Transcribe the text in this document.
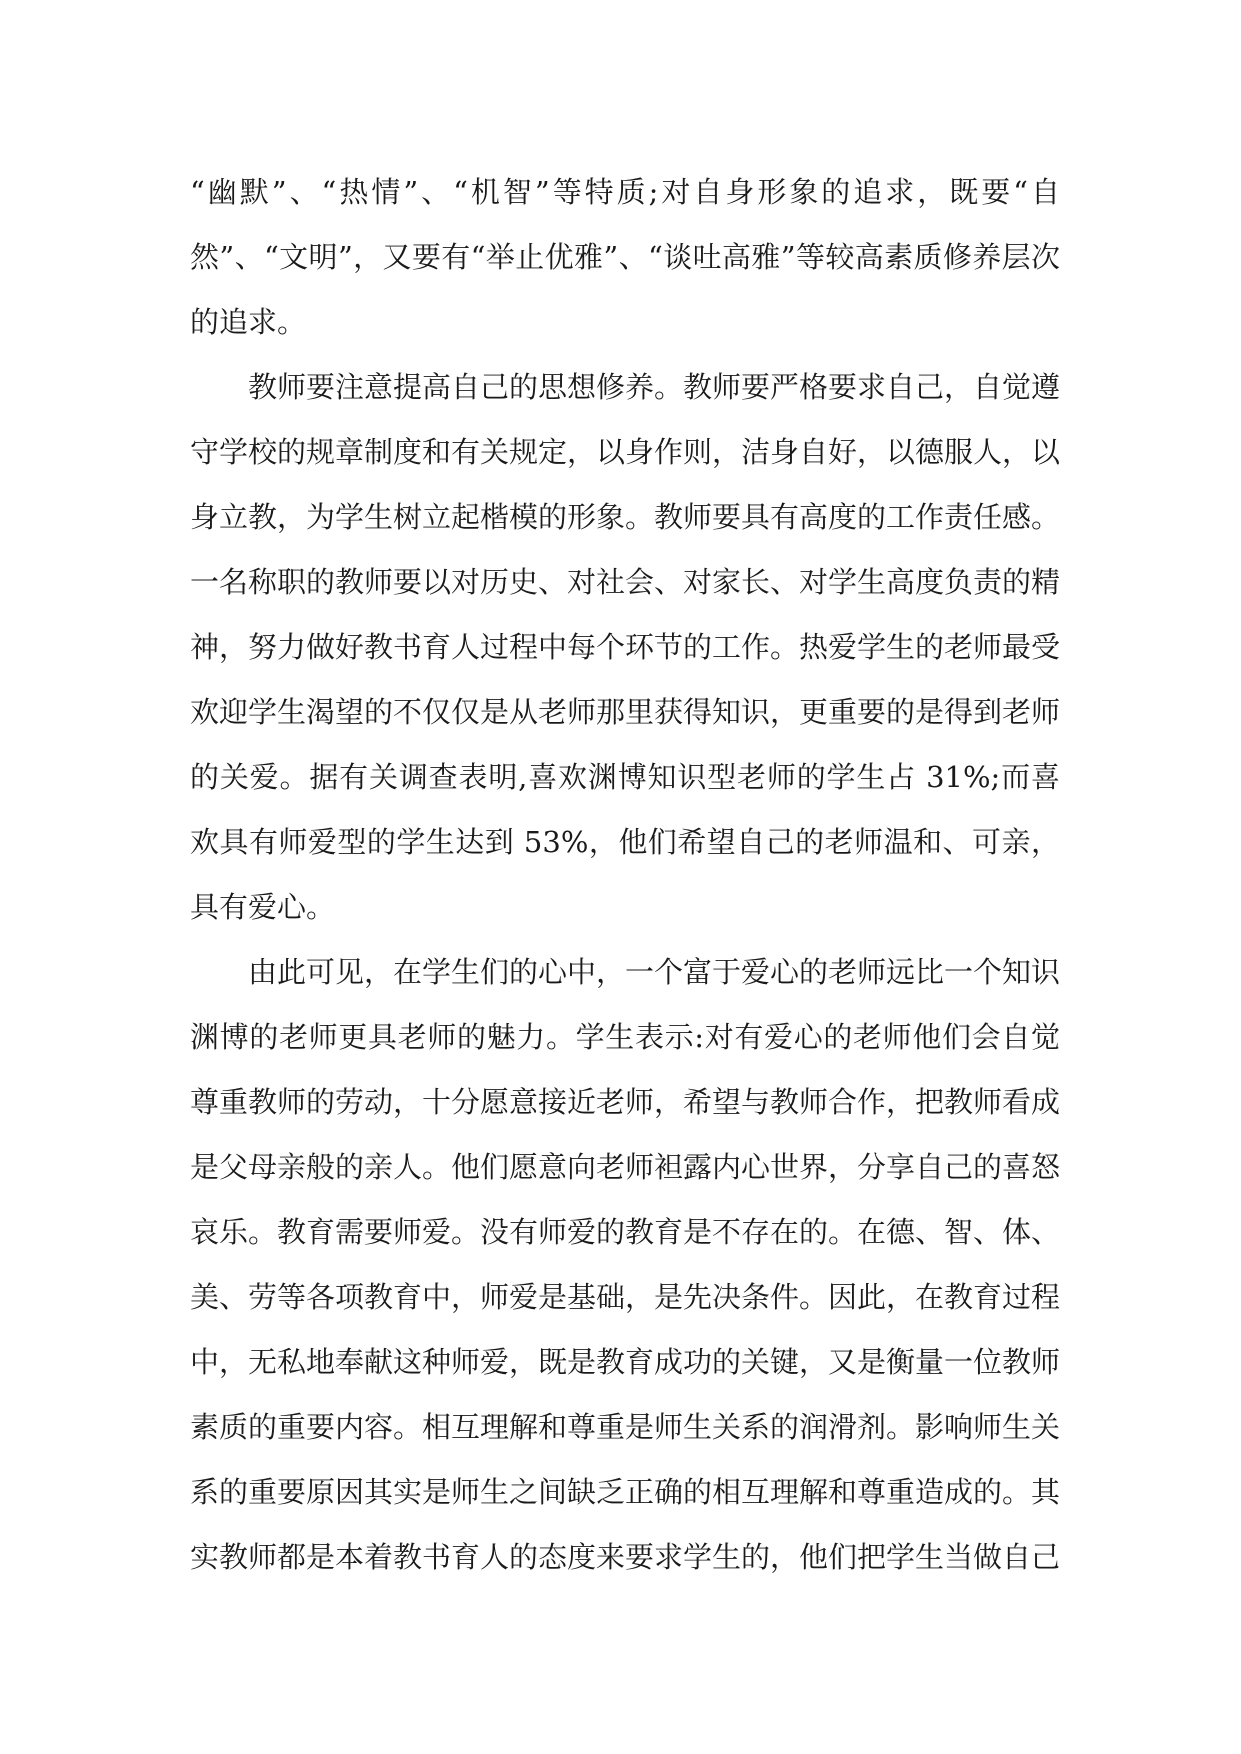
“幽默”、“热情”、“机智”等特质;对自身形象的追求，既要“自然”、“文明”，又要有“举止优雅”、“谈吐高雅”等较高素质修养层次的追求。

教师要注意提高自己的思想修养。教师要严格要求自己，自觉遵守学校的规章制度和有关规定，以身作则，洁身自好，以德服人，以身立教，为学生树立起楷模的形象。教师要具有高度的工作责任感。一名称职的教师要以对历史、对社会、对家长、对学生高度负责的精神，努力做好教书育人过程中每个环节的工作。热爱学生的老师最受欢迎学生渴望的不仅仅是从老师那里获得知识，更重要的是得到老师的关爱。据有关调查表明,喜欢渊博知识型老师的学生占 31%;而喜欢具有师爱型的学生达到 53%，他们希望自己的老师温和、可亲，具有爱心。

由此可见，在学生们的心中，一个富于爱心的老师远比一个知识渊博的老师更具老师的魅力。学生表示:对有爱心的老师他们会自觉尊重教师的劳动，十分愿意接近老师，希望与教师合作，把教师看成是父母亲般的亲人。他们愿意向老师袒露内心世界，分享自己的喜怒哀乐。教育需要师爱。没有师爱的教育是不存在的。在德、智、体、美、劳等各项教育中，师爱是基础，是先决条件。因此，在教育过程中，无私地奉献这种师爱，既是教育成功的关键，又是衡量一位教师素质的重要内容。相互理解和尊重是师生关系的润滑剂。影响师生关系的重要原因其实是师生之间缺乏正确的相互理解和尊重造成的。其实教师都是本着教书育人的态度来要求学生的，他们把学生当做自己
